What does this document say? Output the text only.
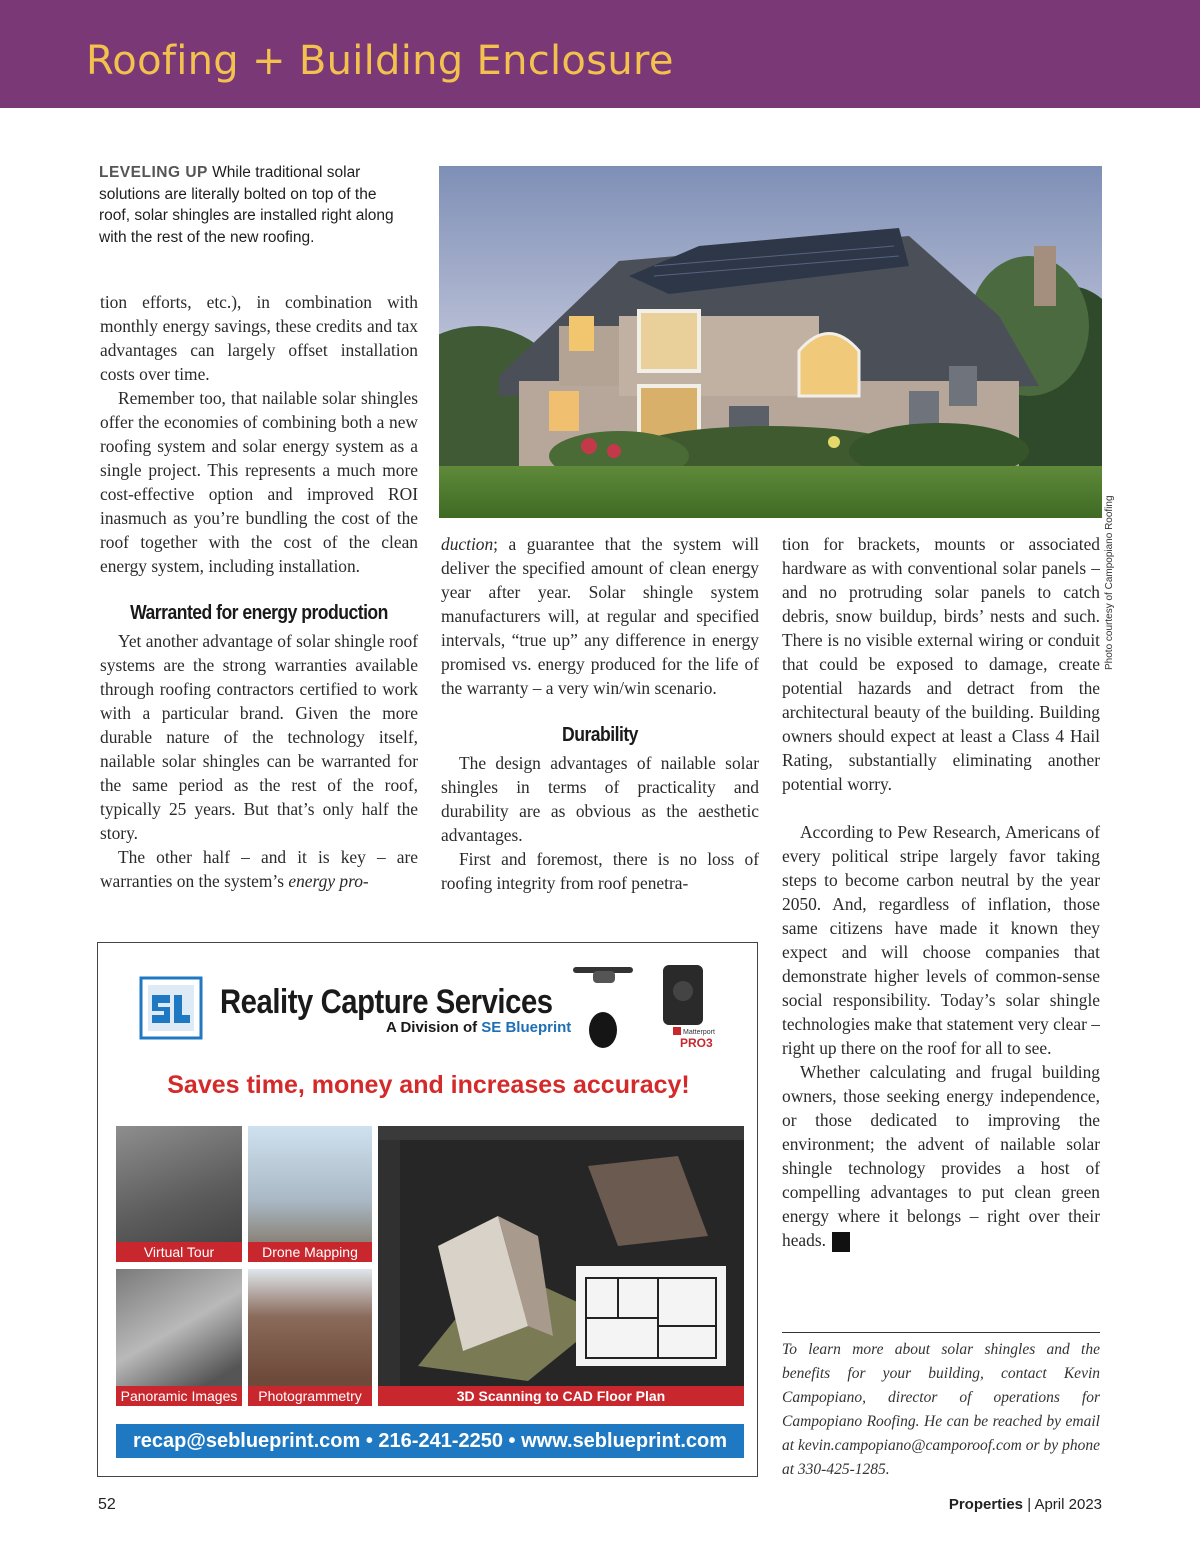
Roofing + Building Enclosure
LEVELING UP While traditional solar solutions are literally bolted on top of the roof, solar shingles are installed right along with the rest of the new roofing.
Photo courtesy of Campopiano Roofing

tion efforts, etc.), in combination with monthly energy savings, these credits and tax advantages can largely offset installation costs over time.

Remember too, that nailable solar shingles offer the economies of combining both a new roofing system and solar energy system as a single project. This represents a much more cost-effective option and improved ROI inasmuch as you’re bundling the cost of the roof together with the cost of the clean energy system, including installation.

Warranted for energy production

Yet another advantage of solar shingle roof systems are the strong warranties available through roofing contractors certified to work with a particular brand. Given the more durable nature of the technology itself, nailable solar shingles can be warranted for the same period as the rest of the roof, typically 25 years. But that’s only half the story.

The other half – and it is key – are warranties on the system’s energy pro-

duction; a guarantee that the system will deliver the specified amount of clean energy year after year. Solar shingle system manufacturers will, at regular and specified intervals, “true up” any difference in energy promised vs. energy produced for the life of the warranty – a very win/win scenario.

Durability

The design advantages of nailable solar shingles in terms of practicality and durability are as obvious as the aesthetic advantages.

First and foremost, there is no loss of roofing integrity from roof penetra-

tion for brackets, mounts or associated hardware as with conventional solar panels – and no protruding solar panels to catch debris, snow buildup, birds’ nests and such. There is no visible external wiring or conduit that could be exposed to damage, create potential hazards and detract from the architectural beauty of the building. Building owners should expect at least a Class 4 Hail Rating, substantially eliminating another potential worry.

According to Pew Research, Americans of every political stripe largely favor taking steps to become carbon neutral by the year 2050. And, regardless of inflation, those same citizens have made it known they expect and will choose companies that demonstrate higher levels of common-sense social responsibility. Today’s solar shingle technologies make that statement very clear – right up there on the roof for all to see.

Whether calculating and frugal building owners, those seeking energy independence, or those dedicated to improving the environment; the advent of nailable solar shingle technology provides a host of compelling advantages to put clean green energy where it belongs – right over their heads. P

To learn more about solar shingles and the benefits for your building, contact Kevin Campopiano, director of operations for Campopiano Roofing. He can be reached by email at kevin.campopiano@camporoof.com or by phone at 330-425-1285.
Reality Capture Services
A Division of SE Blueprint	Matterport
PRO3
Saves time, money and increases accuracy!
Virtual Tour	Drone Mapping
Panoramic Images	Photogrammetry	3D Scanning to CAD Floor Plan
recap@seblueprint.com • 216-241-2250 • www.seblueprint.com
52	Properties | April 2023
